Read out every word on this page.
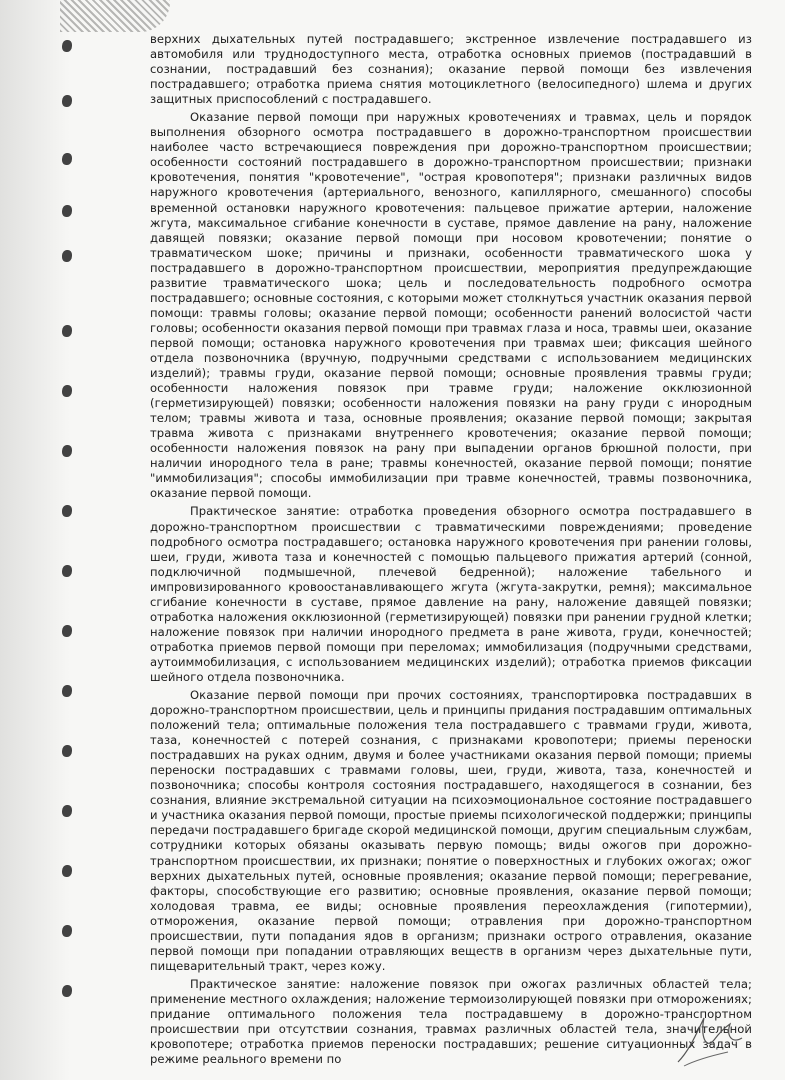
верхних дыхательных путей пострадавшего; экстренное извлечение пострадавшего из автомобиля или труднодоступного места, отработка основных приемов (пострадавший в сознании, пострадавший без сознания); оказание первой помощи без извлечения пострадавшего; отработка приема снятия мотоциклетного (велосипедного) шлема и других защитных приспособлений с пострадавшего.

Оказание первой помощи при наружных кровотечениях и травмах, цель и порядок выполнения обзорного осмотра пострадавшего в дорожно-транспортном происшествии наиболее часто встречающиеся повреждения при дорожно-транспортном происшествии; особенности состояний пострадавшего в дорожно-транспортном происшествии; признаки кровотечения, понятия "кровотечение", "острая кровопотеря"; признаки различных видов наружного кровотечения (артериального, венозного, капиллярного, смешанного) способы временной остановки наружного кровотечения: пальцевое прижатие артерии, наложение жгута, максимальное сгибание конечности в суставе, прямое давление на рану, наложение давящей повязки; оказание первой помощи при носовом кровотечении; понятие о травматическом шоке; причины и признаки, особенности травматического шока у пострадавшего в дорожно-транспортном происшествии, мероприятия предупреждающие развитие травматического шока; цель и последовательность подробного осмотра пострадавшего; основные состояния, с которыми может столкнуться участник оказания первой помощи: травмы головы; оказание первой помощи; особенности ранений волосистой части головы; особенности оказания первой помощи при травмах глаза и носа, травмы шеи, оказание первой помощи; остановка наружного кровотечения при травмах шеи; фиксация шейного отдела позвоночника (вручную, подручными средствами с использованием медицинских изделий); травмы груди, оказание первой помощи; основные проявления травмы груди; особенности наложения повязок при травме груди; наложение окклюзионной (герметизирующей) повязки; особенности наложения повязки на рану груди с инородным телом; травмы живота и таза, основные проявления; оказание первой помощи; закрытая травма живота с признаками внутреннего кровотечения; оказание первой помощи; особенности наложения повязок на рану при выпадении органов брюшной полости, при наличии инородного тела в ране; травмы конечностей, оказание первой помощи; понятие "иммобилизация"; способы иммобилизации при травме конечностей, травмы позвоночника, оказание первой помощи.

Практическое занятие: отработка проведения обзорного осмотра пострадавшего в дорожно-транспортном происшествии с травматическими повреждениями; проведение подробного осмотра пострадавшего; остановка наружного кровотечения при ранении головы, шеи, груди, живота таза и конечностей с помощью пальцевого прижатия артерий (сонной, подключичной подмышечной, плечевой бедренной); наложение табельного и импровизированного кровоостанавливающего жгута (жгута-закрутки, ремня); максимальное сгибание конечности в суставе, прямое давление на рану, наложение давящей повязки; отработка наложения окклюзионной (герметизирующей) повязки при ранении грудной клетки; наложение повязок при наличии инородного предмета в ране живота, груди, конечностей; отработка приемов первой помощи при переломах; иммобилизация (подручными средствами, аутоиммобилизация, с использованием медицинских изделий); отработка приемов фиксации шейного отдела позвоночника.

Оказание первой помощи при прочих состояниях, транспортировка пострадавших в дорожно-транспортном происшествии, цель и принципы придания пострадавшим оптимальных положений тела; оптимальные положения тела пострадавшего с травмами груди, живота, таза, конечностей с потерей сознания, с признаками кровопотери; приемы переноски пострадавших на руках одним, двумя и более участниками оказания первой помощи; приемы переноски пострадавших с травмами головы, шеи, груди, живота, таза, конечностей и позвоночника; способы контроля состояния пострадавшего, находящегося в сознании, без сознания, влияние экстремальной ситуации на психоэмоциональное состояние пострадавшего и участника оказания первой помощи, простые приемы психологической поддержки; принципы передачи пострадавшего бригаде скорой медицинской помощи, другим специальным службам, сотрудники которых обязаны оказывать первую помощь; виды ожогов при дорожно-транспортном происшествии, их признаки; понятие о поверхностных и глубоких ожогах; ожог верхних дыхательных путей, основные проявления; оказание первой помощи; перегревание, факторы, способствующие его развитию; основные проявления, оказание первой помощи; холодовая травма, ее виды; основные проявления переохлаждения (гипотермии), отморожения, оказание первой помощи; отравления при дорожно-транспортном происшествии, пути попадания ядов в организм; признаки острого отравления, оказание первой помощи при попадании отравляющих веществ в организм через дыхательные пути, пищеварительный тракт, через кожу.

Практическое занятие: наложение повязок при ожогах различных областей тела; применение местного охлаждения; наложение термоизолирующей повязки при отморожениях; придание оптимального положения тела пострадавшему в дорожно-транспортном происшествии при отсутствии сознания, травмах различных областей тела, значительной кровопотере; отработка приемов переноски пострадавших; решение ситуационных задач в режиме реального времени по
